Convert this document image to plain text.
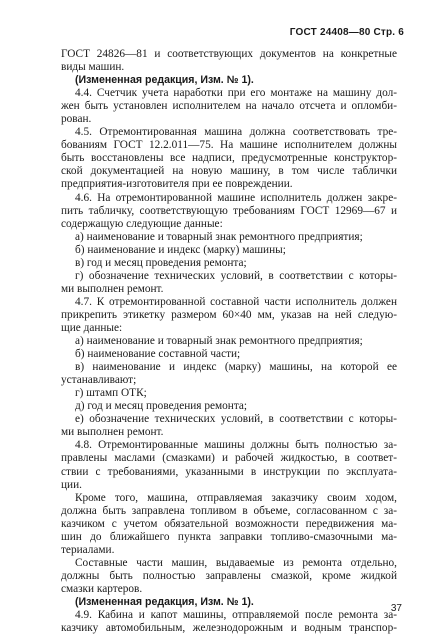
ГОСТ 24408—80 Стр. 6
ГОСТ 24826—81 и соответствующих документов на конкретные
виды машин.
(Измененная редакция, Изм. № 1).
4.4. Счетчик учета наработки при его монтаже на машину дол-
жен быть установлен исполнителем на начало отсчета и опломби-
рован.
4.5. Отремонтированная машина должна соответствовать тре-
бованиям ГОСТ 12.2.011—75. На машине исполнителем должны
быть восстановлены все надписи, предусмотренные конструктор-
ской документацией на новую машину, в том числе таблички
предприятия-изготовителя при ее повреждении.
4.6. На отремонтированной машине исполнитель должен закре-
пить табличку, соответствующую требованиям ГОСТ 12969—67 и
содержащую следующие данные:
а) наименование и товарный знак ремонтного предприятия;
б) наименование и индекс (марку) машины;
в) год и месяц проведения ремонта;
г) обозначение технических условий, в соответствии с которы-
ми выполнен ремонт.
4.7. К отремонтированной составной части исполнитель должен
прикрепить этикетку размером 60×40 мм, указав на ней следую-
щие данные:
а) наименование и товарный знак ремонтного предприятия;
б) наименование составной части;
в) наименование и индекс (марку) машины, на которой ее
устанавливают;
г) штамп ОТК;
д) год и месяц проведения ремонта;
е) обозначение технических условий, в соответствии с которы-
ми выполнен ремонт.
4.8. Отремонтированные машины должны быть полностью за-
правлены маслами (смазками) и рабочей жидкостью, в соответ-
ствии с требованиями, указанными в инструкции по эксплуата-
ции.
Кроме того, машина, отправляемая заказчику своим ходом,
должна быть заправлена топливом в объеме, согласованном с за-
казчиком с учетом обязательной возможности передвижения ма-
шин до ближайшего пункта заправки топливо-смазочными ма-
териалами.
Составные части машин, выдаваемые из ремонта отдельно,
должны быть полностью заправлены смазкой, кроме жидкой
смазки картеров.
(Измененная редакция, Изм. № 1).
4.9. Кабина и капот машины, отправляемой после ремонта за-
казчику автомобильным, железнодорожным и водным транспор-
37
